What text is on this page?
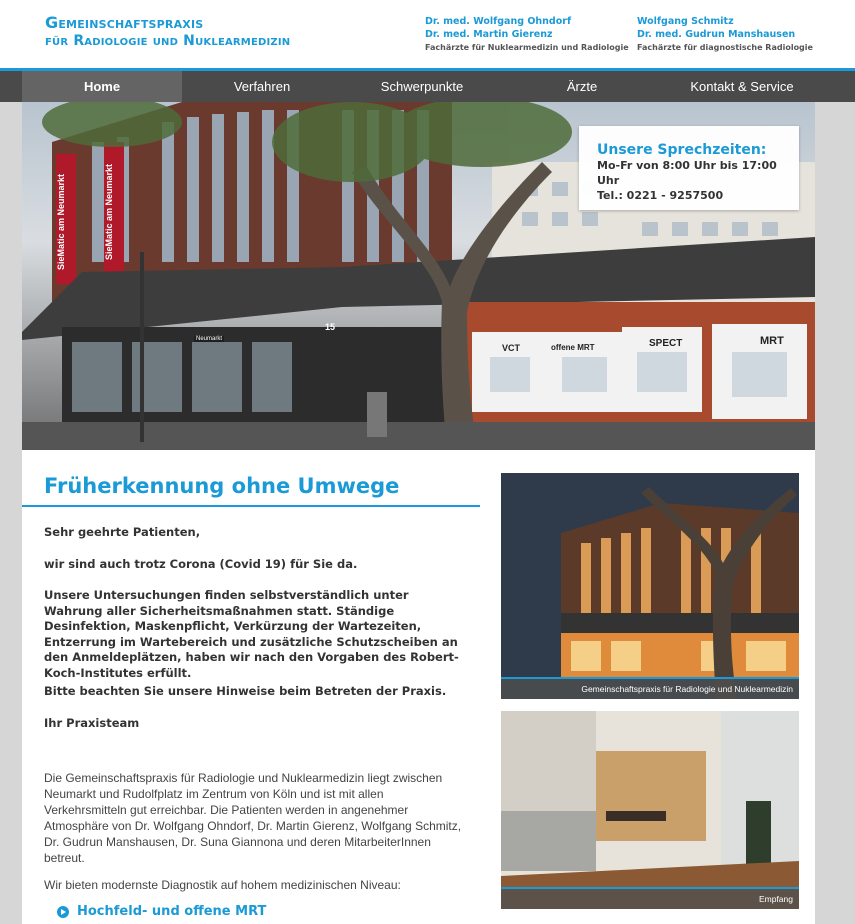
Gemeinschaftspraxis
für Radiologie und Nuklearmedizin
Dr. med. Wolfgang Ohndorf
Dr. med. Martin Gierenz
Fachärzte für Nuklearmedizin und Radiologie
Wolfgang Schmitz
Dr. med. Gudrun Manshausen
Fachärzte für diagnostische Radiologie
Home	Verfahren	Schwerpunkte	Ärzte	Kontakt & Service
SieMatic am Neumarkt	SieMatic am Neumarkt
Neumarkt
15
VCT	offene MRT	SPECT	MRT
Unsere Sprechzeiten:
Mo-Fr von 8:00 Uhr bis 17:00 Uhr
Tel.: 0221 - 9257500
Früherkennung ohne Umwege
Sehr geehrte Patienten,
wir sind auch trotz Corona (Covid 19) für Sie da.
Unsere Untersuchungen finden selbstverständlich unter Wahrung aller Sicherheitsmaßnahmen statt. Ständige Desinfektion, Maskenpflicht, Verkürzung der Wartezeiten, Entzerrung im Wartebereich und zusätzliche Schutzscheiben an den Anmeldeplätzen, haben wir nach den Vorgaben des Robert-Koch-Institutes erfüllt.
Bitte beachten Sie unsere Hinweise beim Betreten der Praxis.
Ihr Praxisteam
Die Gemeinschaftspraxis für Radiologie und Nuklearmedizin liegt zwischen Neumarkt und Rudolfplatz im Zentrum von Köln und ist mit allen Verkehrsmitteln gut erreichbar. Die Patienten werden in angenehmer Atmosphäre von Dr. Wolfgang Ohndorf, Dr. Martin Gierenz, Wolfgang Schmitz, Dr. Gudrun Manshausen, Dr. Suna Giannona und deren MitarbeiterInnen betreut.
Wir bieten modernste Diagnostik auf hohem medizinischen Niveau:
Hochfeld- und offene MRT
Gemeinschaftspraxis für Radiologie und Nuklearmedizin
Empfang
